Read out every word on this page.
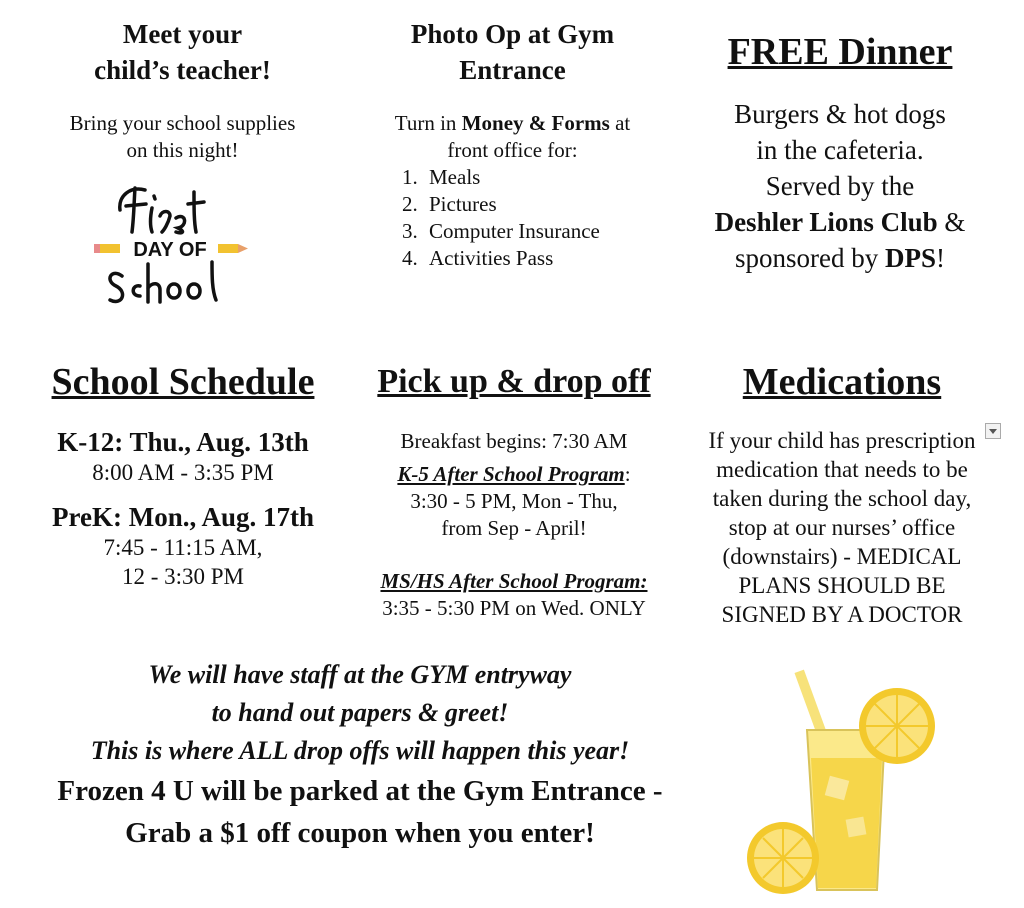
Meet your
child’s teacher!
Bring your school supplies
on this night!
DAY OF
Photo Op at Gym
Entrance
Turn in Money & Forms at
front office for:
1. Meals
2. Pictures
3. Computer Insurance
4. Activities Pass
FREE Dinner
Burgers & hot dogs
in the cafeteria.
Served by the
Deshler Lions Club &
sponsored by DPS!
School Schedule
K-12: Thu., Aug. 13th
8:00 AM - 3:35 PM
PreK: Mon., Aug. 17th
7:45 - 11:15 AM,
12 - 3:30 PM
Pick up & drop off
Breakfast begins: 7:30 AM
K-5 After School Program:
3:30 - 5 PM, Mon - Thu,
from Sep - April!
MS/HS After School Program:
3:35 - 5:30 PM on Wed. ONLY
Medications
If your child has prescription
medication that needs to be
taken during the school day,
stop at our nurses’ office
(downstairs) - MEDICAL
PLANS SHOULD BE
SIGNED BY A DOCTOR
We will have staff at the GYM entryway
to hand out papers & greet!
This is where ALL drop offs will happen this year!
Frozen 4 U will be parked at the Gym Entrance -
Grab a $1 off coupon when you enter!
